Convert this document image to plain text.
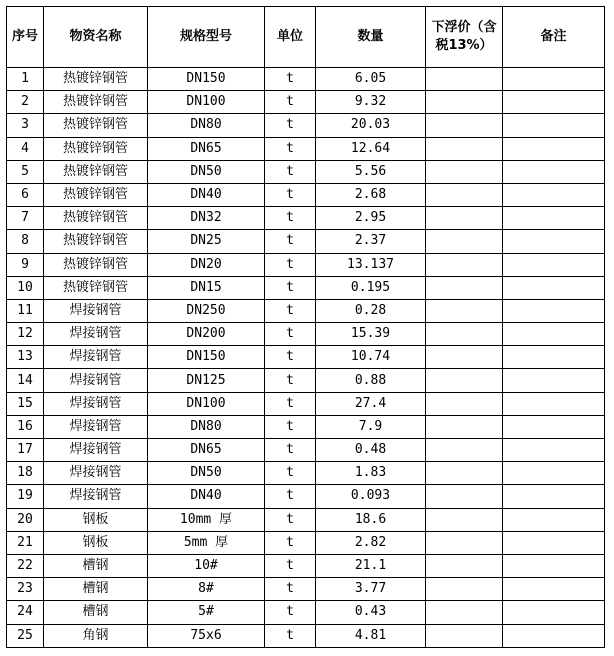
序号	物资名称	规格型号	单位	数量	下浮价（含税13%）	备注
1	热镀锌钢管	DN150	t	6.05		
2	热镀锌钢管	DN100	t	9.32		
3	热镀锌钢管	DN80	t	20.03		
4	热镀锌钢管	DN65	t	12.64		
5	热镀锌钢管	DN50	t	5.56		
6	热镀锌钢管	DN40	t	2.68		
7	热镀锌钢管	DN32	t	2.95		
8	热镀锌钢管	DN25	t	2.37		
9	热镀锌钢管	DN20	t	13.137		
10	热镀锌钢管	DN15	t	0.195		
11	焊接钢管	DN250	t	0.28		
12	焊接钢管	DN200	t	15.39		
13	焊接钢管	DN150	t	10.74		
14	焊接钢管	DN125	t	0.88		
15	焊接钢管	DN100	t	27.4		
16	焊接钢管	DN80	t	7.9		
17	焊接钢管	DN65	t	0.48		
18	焊接钢管	DN50	t	1.83		
19	焊接钢管	DN40	t	0.093		
20	钢板	10mm 厚	t	18.6		
21	钢板	5mm 厚	t	2.82		
22	槽钢	10#	t	21.1		
23	槽钢	8#	t	3.77		
24	槽钢	5#	t	0.43		
25	角钢	75x6	t	4.81		
